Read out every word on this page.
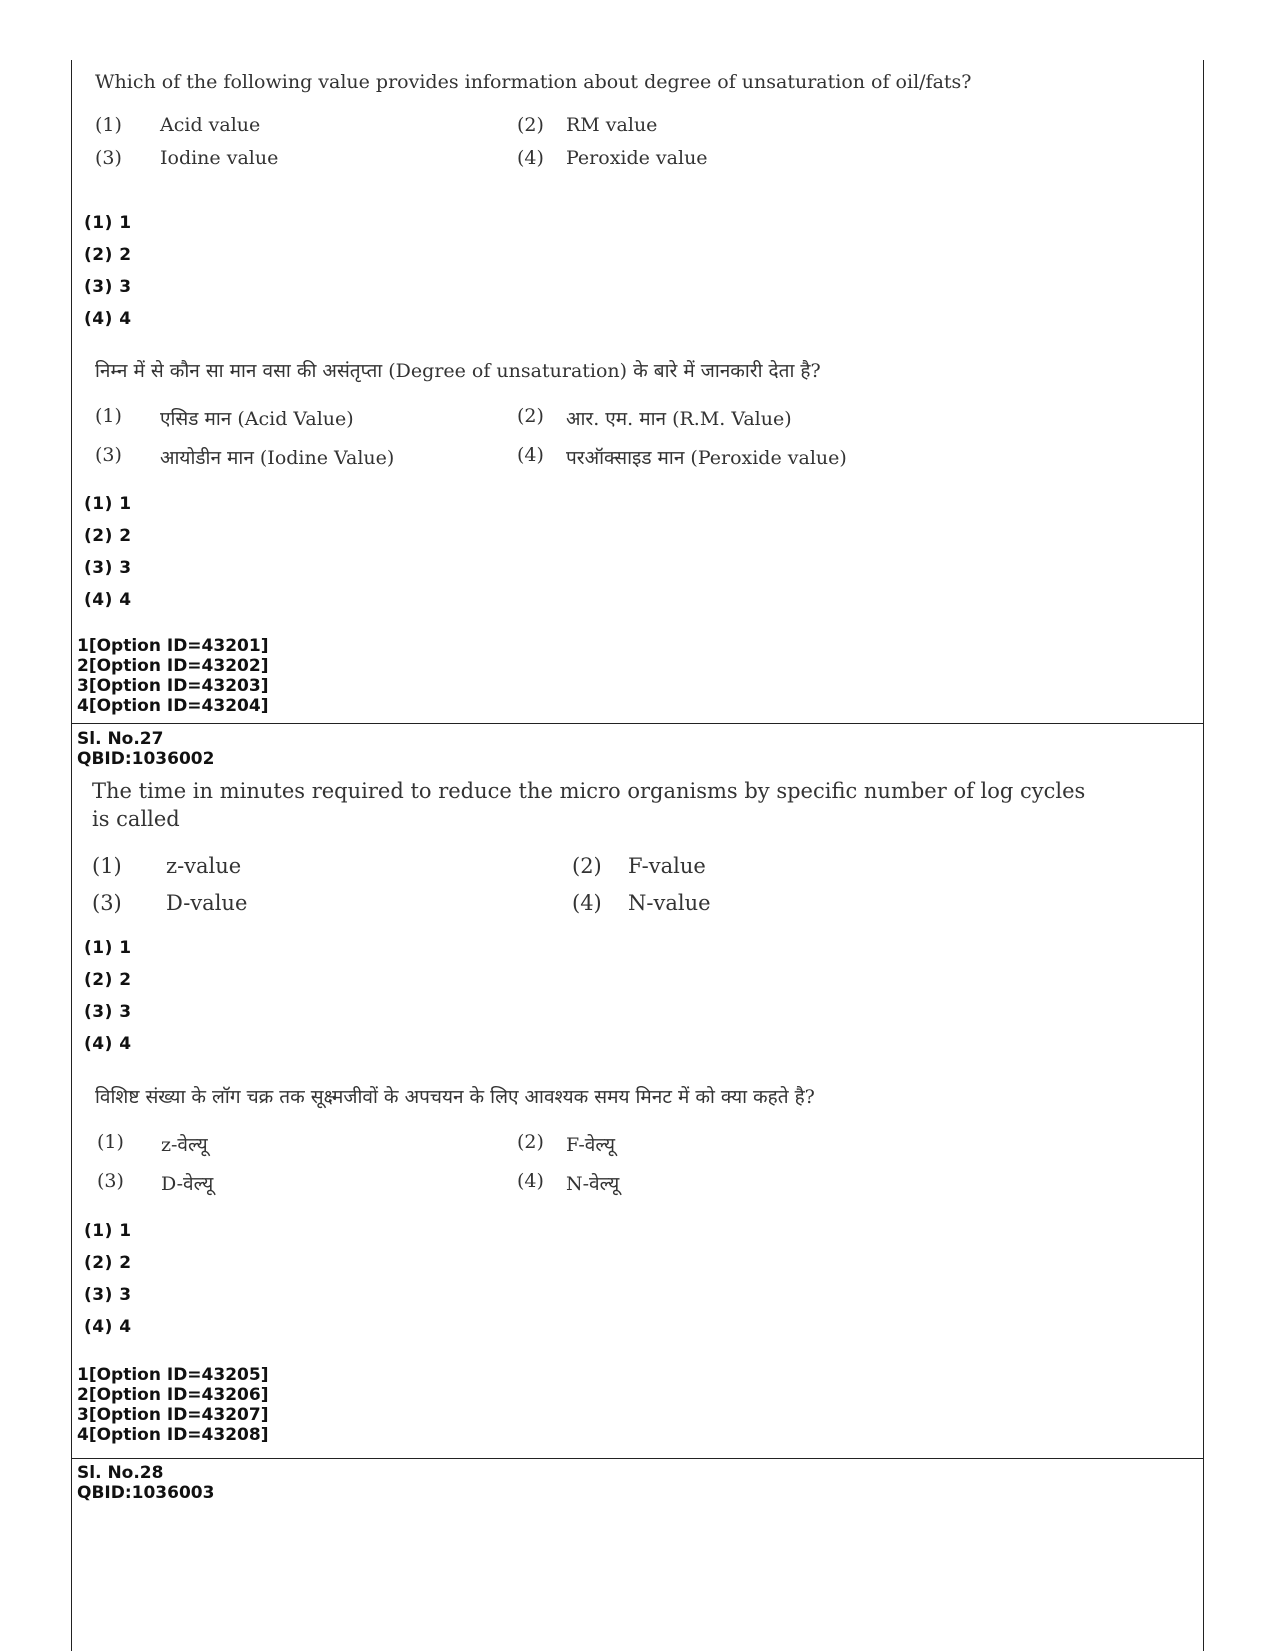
Which of the following value provides information about degree of unsaturation of oil/fats?
(1) Acid value	(2) RM value
(3) Iodine value	(4) Peroxide value
(1) 1
(2) 2
(3) 3
(4) 4
निम्न में से कौन सा मान वसा की असंतृप्ता (Degree of unsaturation) के बारे में जानकारी देता है?
(1) एसिड मान (Acid Value)	(2) आर. एम. मान (R.M. Value)
(3) आयोडीन मान (Iodine Value)	(4) परऑक्साइड मान (Peroxide value)
(1) 1
(2) 2
(3) 3
(4) 4
1[Option ID=43201]
2[Option ID=43202]
3[Option ID=43203]
4[Option ID=43204]
Sl. No.27
QBID:1036002
The time in minutes required to reduce the micro organisms by specific number of log cycles is called
(1) z-value	(2) F-value
(3) D-value	(4) N-value
(1) 1
(2) 2
(3) 3
(4) 4
विशिष्ट संख्या के लॉग चक्र तक सूक्ष्मजीवों के अपचयन के लिए आवश्यक समय मिनट में को क्या कहते है?
(1) z-वेल्यू	(2) F-वेल्यू
(3) D-वेल्यू	(4) N-वेल्यू
(1) 1
(2) 2
(3) 3
(4) 4
1[Option ID=43205]
2[Option ID=43206]
3[Option ID=43207]
4[Option ID=43208]
Sl. No.28
QBID:1036003
